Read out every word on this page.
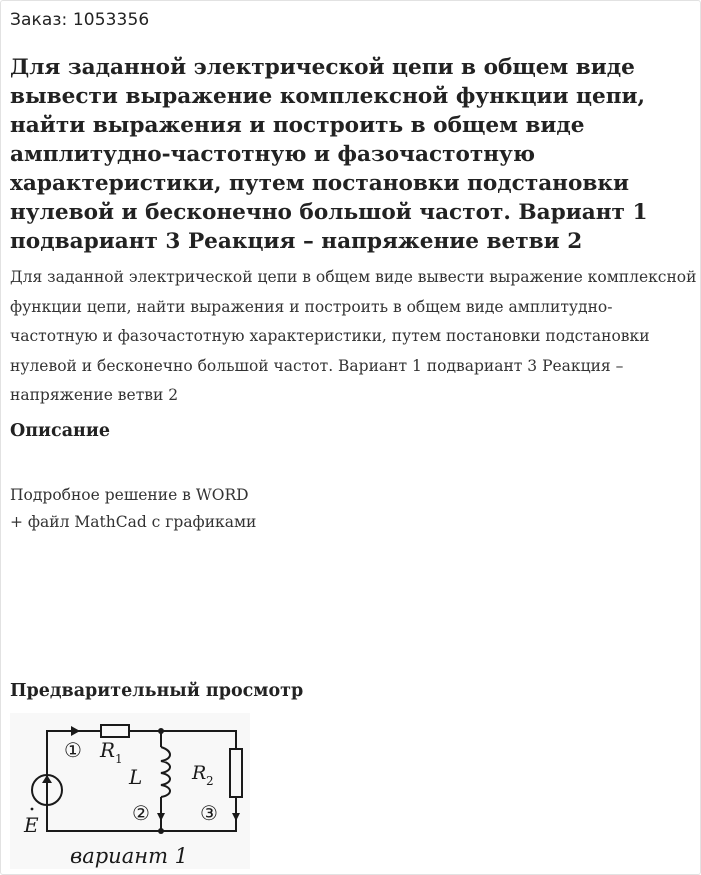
Заказ: 1053356
Для заданной электрической цепи в общем виде вывести выражение комплексной функции цепи, найти выражения и построить в общем виде амплитудно-частотную и фазочастотную характеристики, путем постановки подстановки нулевой и бесконечно большой частот. Вариант 1 подвариант 3 Реакция – напряжение ветви 2

Для заданной электрической цепи в общем виде вывести выражение комплексной функции цепи, найти выражения и построить в общем виде амплитудно-частотную и фазочастотную характеристики, путем постановки подстановки нулевой и бесконечно большой частот. Вариант 1 подвариант 3 Реакция – напряжение ветви 2

Описание
Подробное решение в WORD
+ файл MathCad с графиками
Предварительный просмотр
① R 1
L	R 2
②	③
E
вариант 1
